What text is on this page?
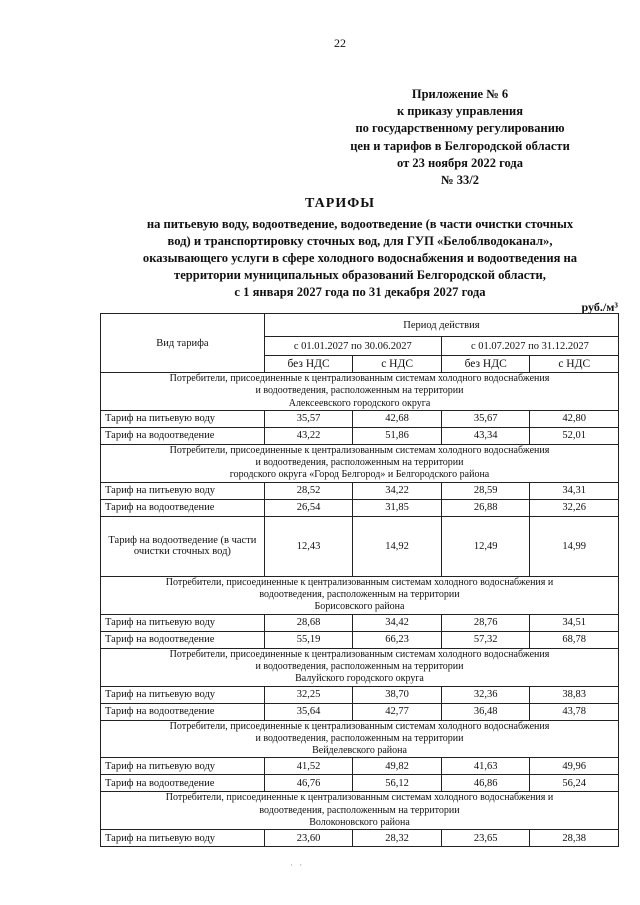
22
Приложение № 6
к приказу управления
по государственному регулированию
цен и тарифов в Белгородской области
от 23 ноября 2022 года
№ 33/2
ТАРИФЫ
на питьевую воду, водоотведение, водоотведение (в части очистки сточных
вод) и транспортировку сточных вод, для ГУП «Белоблводоканал»,
оказывающего услуги в сфере холодного водоснабжения и водоотведения на
территории муниципальных образований Белгородской области,
с 1 января 2027 года по 31 декабря 2027 года
руб./м³
Вид тарифа	Период действия			
	с 01.01.2027 по 30.06.2027		с 01.07.2027 по 31.12.2027	
	без НДС	с НДС	без НДС	с НДС

Потребители, присоединенные к централизованным системам холодного водоснабжения
и водоотведения, расположенным на территории
Алексеевского городского округа				

Тариф на питьевую воду	35,57	42,68	35,67	42,80
Тариф на водоотведение	43,22	51,86	43,34	52,01

Потребители, присоединенные к централизованным системам холодного водоснабжения
и водоотведения, расположенным на территории
городского округа «Город Белгород» и Белгородского района				

Тариф на питьевую воду	28,52	34,22	28,59	34,31
Тариф на водоотведение	26,54	31,85	26,88	32,26
Тариф на водоотведение (в части очистки сточных вод)	12,43	14,92	12,49	14,99

Потребители, присоединенные к централизованным системам холодного водоснабжения и
водоотведения, расположенным на территории
Борисовского района				

Тариф на питьевую воду	28,68	34,42	28,76	34,51
Тариф на водоотведение	55,19	66,23	57,32	68,78

Потребители, присоединенные к централизованным системам холодного водоснабжения
и водоотведения, расположенным на территории
Валуйского городского округа				

Тариф на питьевую воду	32,25	38,70	32,36	38,83
Тариф на водоотведение	35,64	42,77	36,48	43,78

Потребители, присоединенные к централизованным системам холодного водоснабжения
и водоотведения, расположенным на территории
Вейделевского района				

Тариф на питьевую воду	41,52	49,82	41,63	49,96
Тариф на водоотведение	46,76	56,12	46,86	56,24

Потребители, присоединенные к централизованным системам холодного водоснабжения и
водоотведения, расположенным на территории
Волоконовского района				

Тариф на питьевую воду	23,60	28,32	23,65	28,38
· ·
